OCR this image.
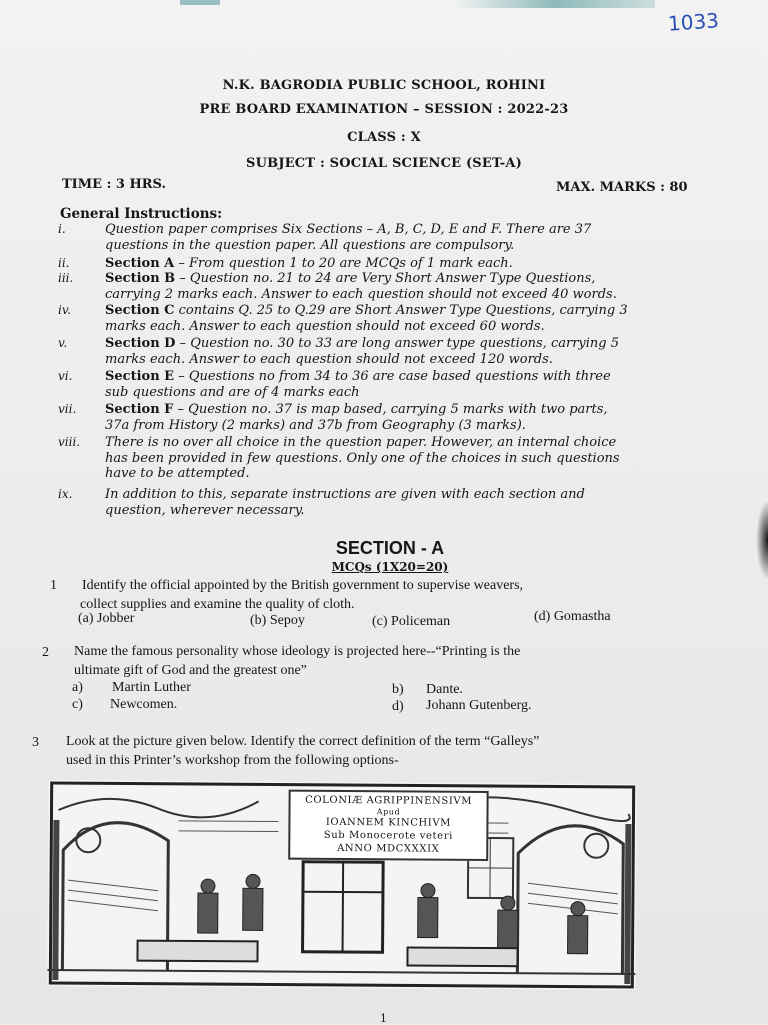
1033
N.K. BAGRODIA PUBLIC SCHOOL, ROHINI
PRE BOARD EXAMINATION – SESSION : 2022-23
CLASS : X
SUBJECT : SOCIAL SCIENCE (SET-A)
TIME : 3 HRS.	MAX. MARKS : 80
General Instructions:
i.	Question paper comprises Six Sections – A, B, C, D, E and F. There are 37
questions in the question paper. All questions are compulsory.
ii.	Section A – From question 1 to 20 are MCQs of 1 mark each.
iii.	Section B – Question no. 21 to 24 are Very Short Answer Type Questions,
carrying 2 marks each. Answer to each question should not exceed 40 words.
iv.	Section C contains Q. 25 to Q.29 are Short Answer Type Questions, carrying 3
marks each. Answer to each question should not exceed 60 words.
v.	Section D – Question no. 30 to 33 are long answer type questions, carrying 5
marks each. Answer to each question should not exceed 120 words.
vi.	Section E – Questions no from 34 to 36 are case based questions with three
sub questions and are of 4 marks each
vii.	Section F – Question no. 37 is map based, carrying 5 marks with two parts,
37a from History (2 marks) and 37b from Geography (3 marks).
viii.	There is no over all choice in the question paper. However, an internal choice
has been provided in few questions. Only one of the choices in such questions
have to be attempted.
ix.	In addition to this, separate instructions are given with each section and
question, wherever necessary.
SECTION - A
MCQs (1X20=20)
1 Identify the official appointed by the British government to supervise weavers,
collect supplies and examine the quality of cloth.
(a) Jobber	(b) Sepoy	(c) Policeman	(d) Gomastha
2 Name the famous personality whose ideology is projected here--“Printing is the
ultimate gift of God and the greatest one”
a) Martin Luther	b) Dante.
c) Newcomen.	d) Johann Gutenberg.
3 Look at the picture given below. Identify the correct definition of the term “Galleys”
used in this Printer’s workshop from the following options-
COLONIÆ AGRIPPINENSIVM
Apud
IOANNEM KINCHIVM
Sub Monocerote veteri
ANNO MDCXXXIX
1
